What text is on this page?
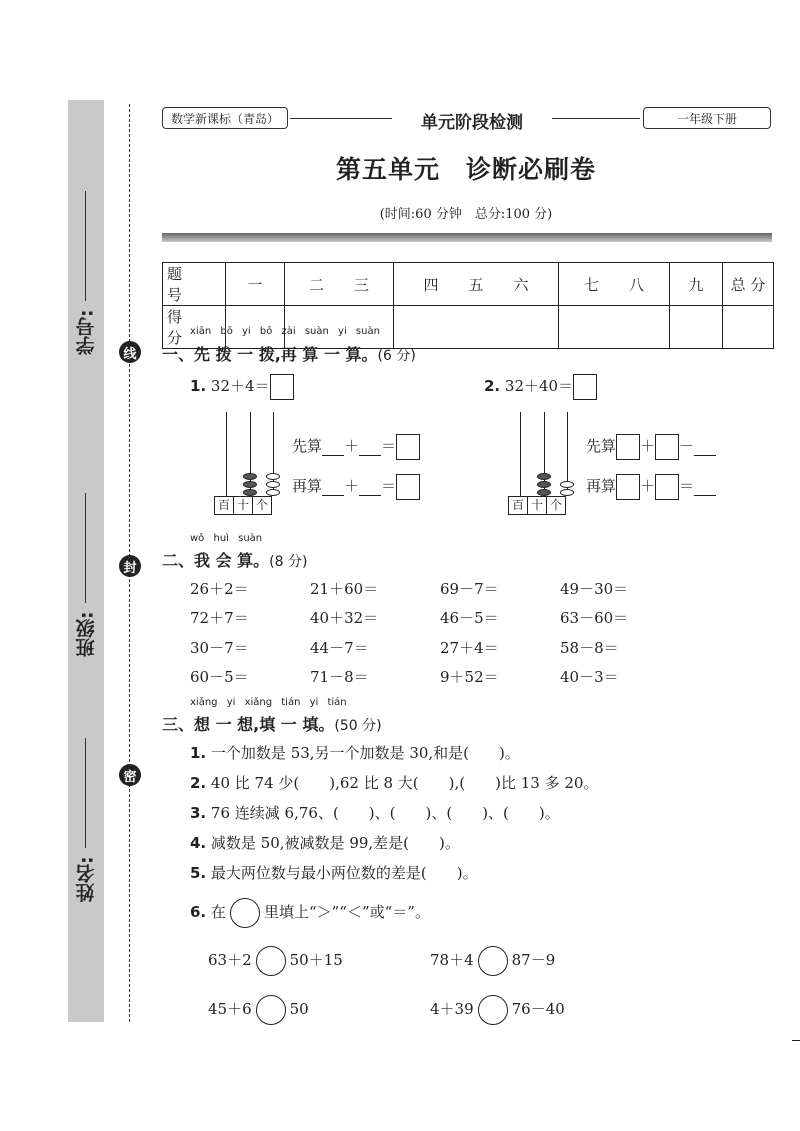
学号:
班级:
姓名:
线
封
密
数学新课标（青岛）	单元阶段检测	一年级下册
第五单元　诊断必刷卷
(时间:60 分钟　总分:100 分)
题 号	一	二　　三	四　　五　　六	七　　八	九	总 分
得 分						
xiān bō yi bō zài suàn yi suàn
一、先 拨 一 拨,再 算 一 算。(6 分)
1. 32＋4＝	2. 32＋40＝
百 十 个
先算 ＋ ＝
再算 ＋ ＝
百 十 个
先算 ＋ －
再算 ＋ ＝
wǒ huì suàn
二、我 会 算。(8 分)
26＋2＝	21＋60＝	69－7＝	49－30＝
72＋7＝	40＋32＝	46－5＝	63－60＝
30－7＝	44－7＝	27＋4＝	58－8＝
60－5＝	71－8＝	9＋52＝	40－3＝
xiǎng yi xiǎng tián yi tián
三、想 一 想,填 一 填。(50 分)
1. 一个加数是 53,另一个加数是 30,和是(　　)。
2. 40 比 74 少(　　),62 比 8 大(　　),(　　)比 13 多 20。
3. 76 连续减 6,76、(　　)、(　　)、(　　)、(　　)。
4. 减数是 50,被减数是 99,差是(　　)。
5. 最大两位数与最小两位数的差是(　　)。
6. 在	里填上“＞”“＜”或“＝”。
63＋2	50＋15	78＋4	87－9
45＋6	50	4＋39	76－40
